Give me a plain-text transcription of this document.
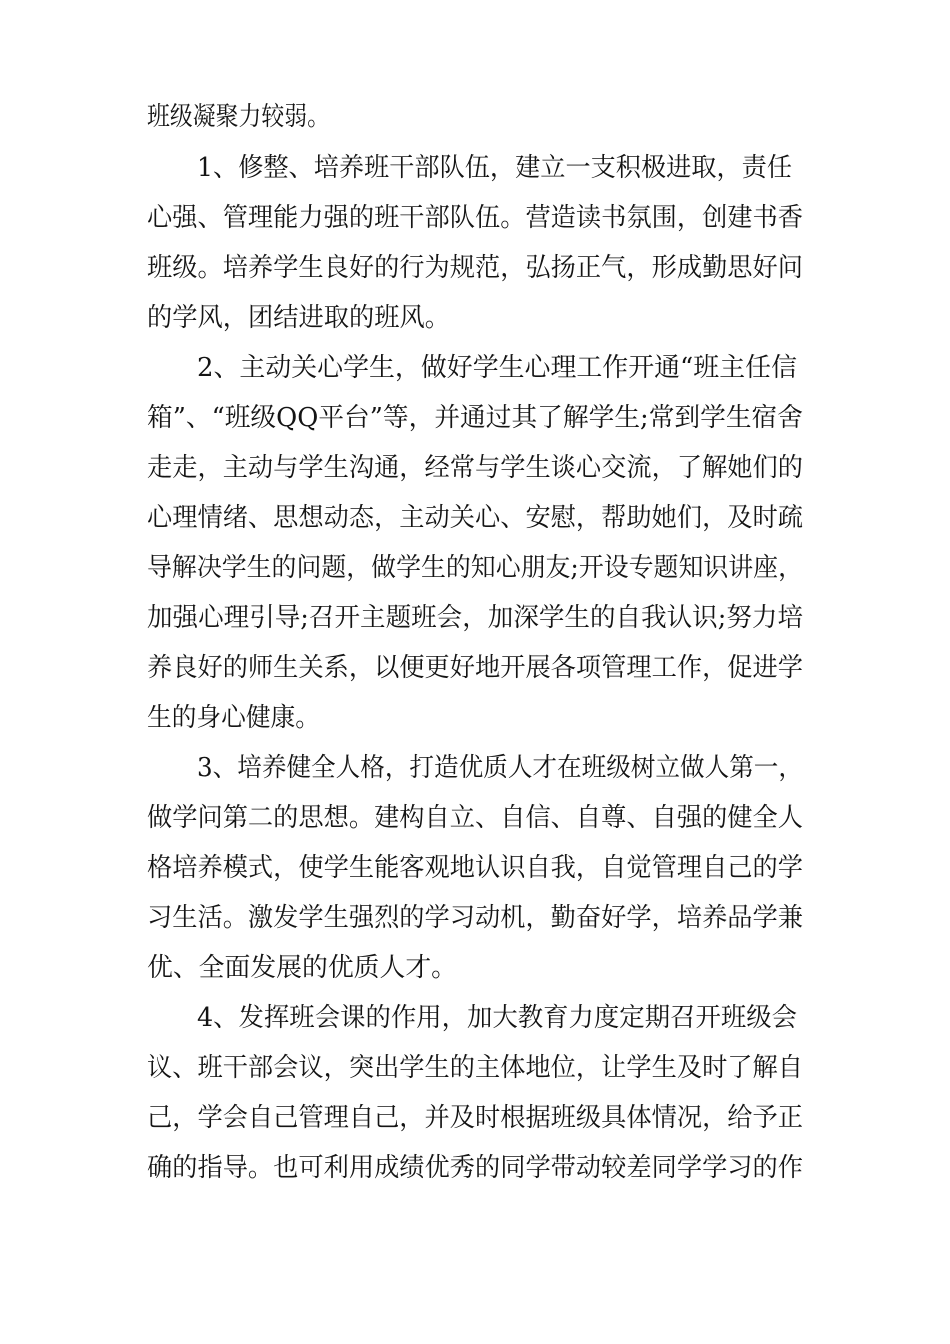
班级凝聚力较弱。
1、修整、培养班干部队伍，建立一支积极进取，责任
心强、管理能力强的班干部队伍。营造读书氛围，创建书香
班级。培养学生良好的行为规范，弘扬正气，形成勤思好问
的学风，团结进取的班风。
2、主动关心学生，做好学生心理工作开通“班主任信
箱”、“班级QQ平台”等，并通过其了解学生;常到学生宿舍
走走，主动与学生沟通，经常与学生谈心交流，了解她们的
心理情绪、思想动态，主动关心、安慰，帮助她们，及时疏
导解决学生的问题，做学生的知心朋友;开设专题知识讲座，
加强心理引导;召开主题班会，加深学生的自我认识;努力培
养良好的师生关系，以便更好地开展各项管理工作，促进学
生的身心健康。
3、培养健全人格，打造优质人才在班级树立做人第一，
做学问第二的思想。建构自立、自信、自尊、自强的健全人
格培养模式，使学生能客观地认识自我，自觉管理自己的学
习生活。激发学生强烈的学习动机，勤奋好学，培养品学兼
优、全面发展的优质人才。
4、发挥班会课的作用，加大教育力度定期召开班级会
议、班干部会议，突出学生的主体地位，让学生及时了解自
己，学会自己管理自己，并及时根据班级具体情况，给予正
确的指导。也可利用成绩优秀的同学带动较差同学学习的作
